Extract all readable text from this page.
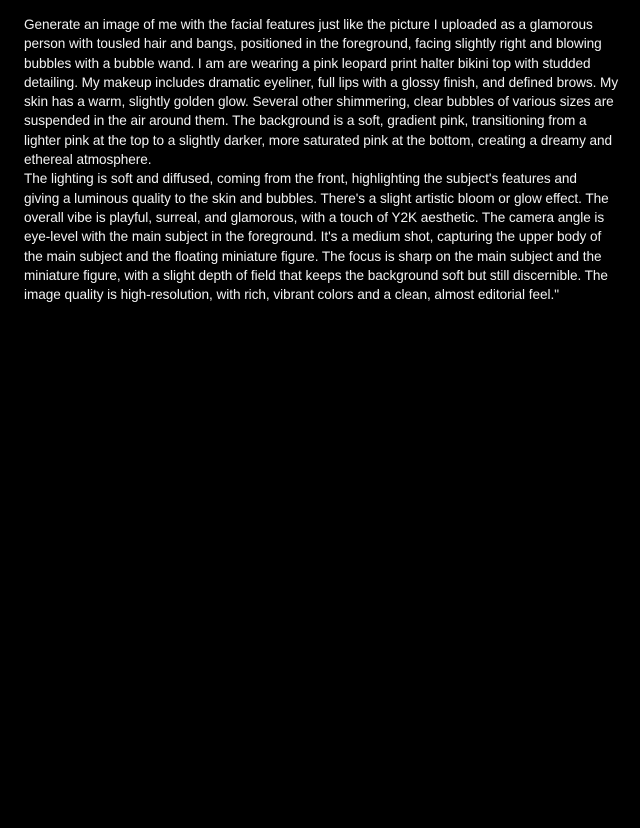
Generate an image of me with the facial features just like the picture I uploaded as a glamorous
person with tousled hair and bangs, positioned in the foreground, facing slightly right and blowing
bubbles with a bubble wand. I am are wearing a pink leopard print halter bikini top with studded
detailing. My makeup includes dramatic eyeliner, full lips with a glossy finish, and defined brows. My
skin has a warm, slightly golden glow. Several other shimmering, clear bubbles of various sizes are
suspended in the air around them. The background is a soft, gradient pink, transitioning from a
lighter pink at the top to a slightly darker, more saturated pink at the bottom, creating a dreamy and
ethereal atmosphere.
The lighting is soft and diffused, coming from the front, highlighting the subject's features and
giving a luminous quality to the skin and bubbles. There's a slight artistic bloom or glow effect. The
overall vibe is playful, surreal, and glamorous, with a touch of Y2K aesthetic. The camera angle is
eye-level with the main subject in the foreground. It's a medium shot, capturing the upper body of
the main subject and the floating miniature figure. The focus is sharp on the main subject and the
miniature figure, with a slight depth of field that keeps the background soft but still discernible. The
image quality is high-resolution, with rich, vibrant colors and a clean, almost editorial feel."
